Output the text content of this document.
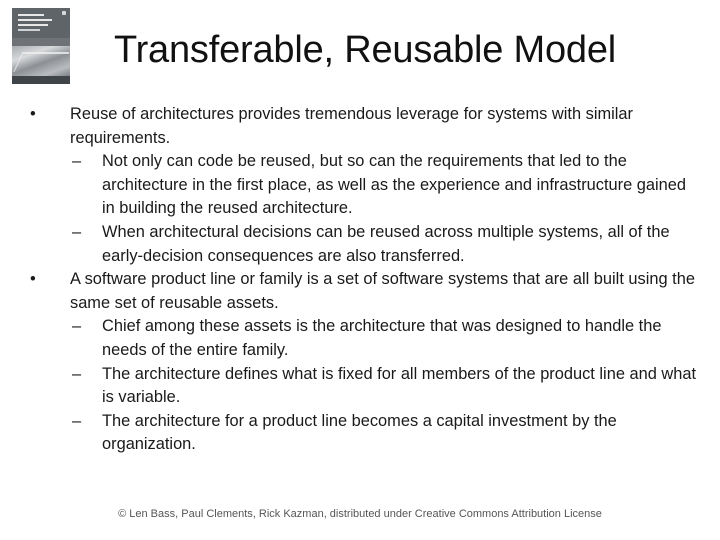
Transferable, Reusable Model

• Reuse of architectures provides tremendous leverage for systems with similar requirements.

– Not only can code be reused, but so can the requirements that led to the architecture in the first place, as well as the experience and infrastructure gained in building the reused architecture.

– When architectural decisions can be reused across multiple systems, all of the early-decision consequences are also transferred.

• A software product line or family is a set of software systems that are all built using the same set of reusable assets.

– Chief among these assets is the architecture that was designed to handle the needs of the entire family.

– The architecture defines what is fixed for all members of the product line and what is variable.

– The architecture for a product line becomes a capital investment by the organization.

© Len Bass, Paul Clements, Rick Kazman, distributed under Creative Commons Attribution License
